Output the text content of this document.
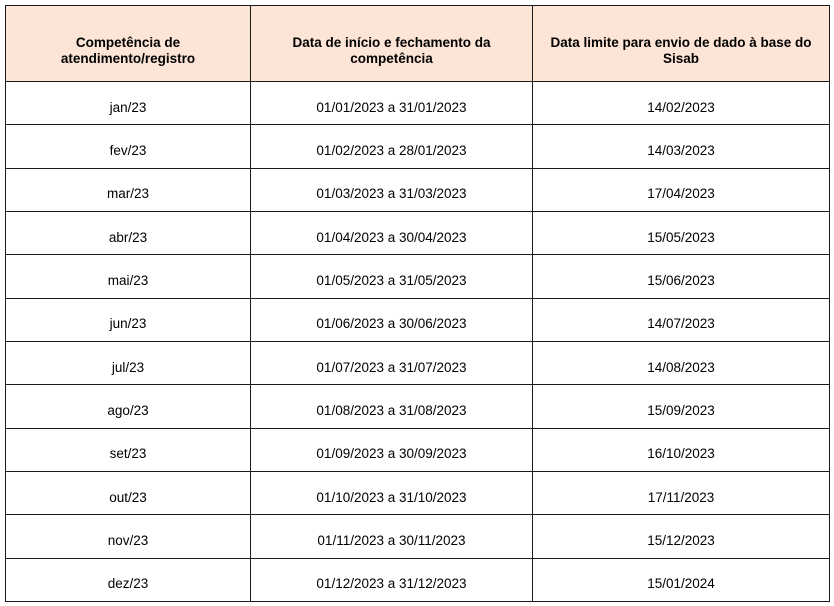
Competência de atendimento/registro	Data de início e fechamento da competência	Data limite para envio de dado à base do Sisab
jan/23	01/01/2023 a 31/01/2023	14/02/2023
fev/23	01/02/2023 a 28/01/2023	14/03/2023
mar/23	01/03/2023 a 31/03/2023	17/04/2023
abr/23	01/04/2023 a 30/04/2023	15/05/2023
mai/23	01/05/2023 a 31/05/2023	15/06/2023
jun/23	01/06/2023 a 30/06/2023	14/07/2023
jul/23	01/07/2023 a 31/07/2023	14/08/2023
ago/23	01/08/2023 a 31/08/2023	15/09/2023
set/23	01/09/2023 a 30/09/2023	16/10/2023
out/23	01/10/2023 a 31/10/2023	17/11/2023
nov/23	01/11/2023 a 30/11/2023	15/12/2023
dez/23	01/12/2023 a 31/12/2023	15/01/2024
